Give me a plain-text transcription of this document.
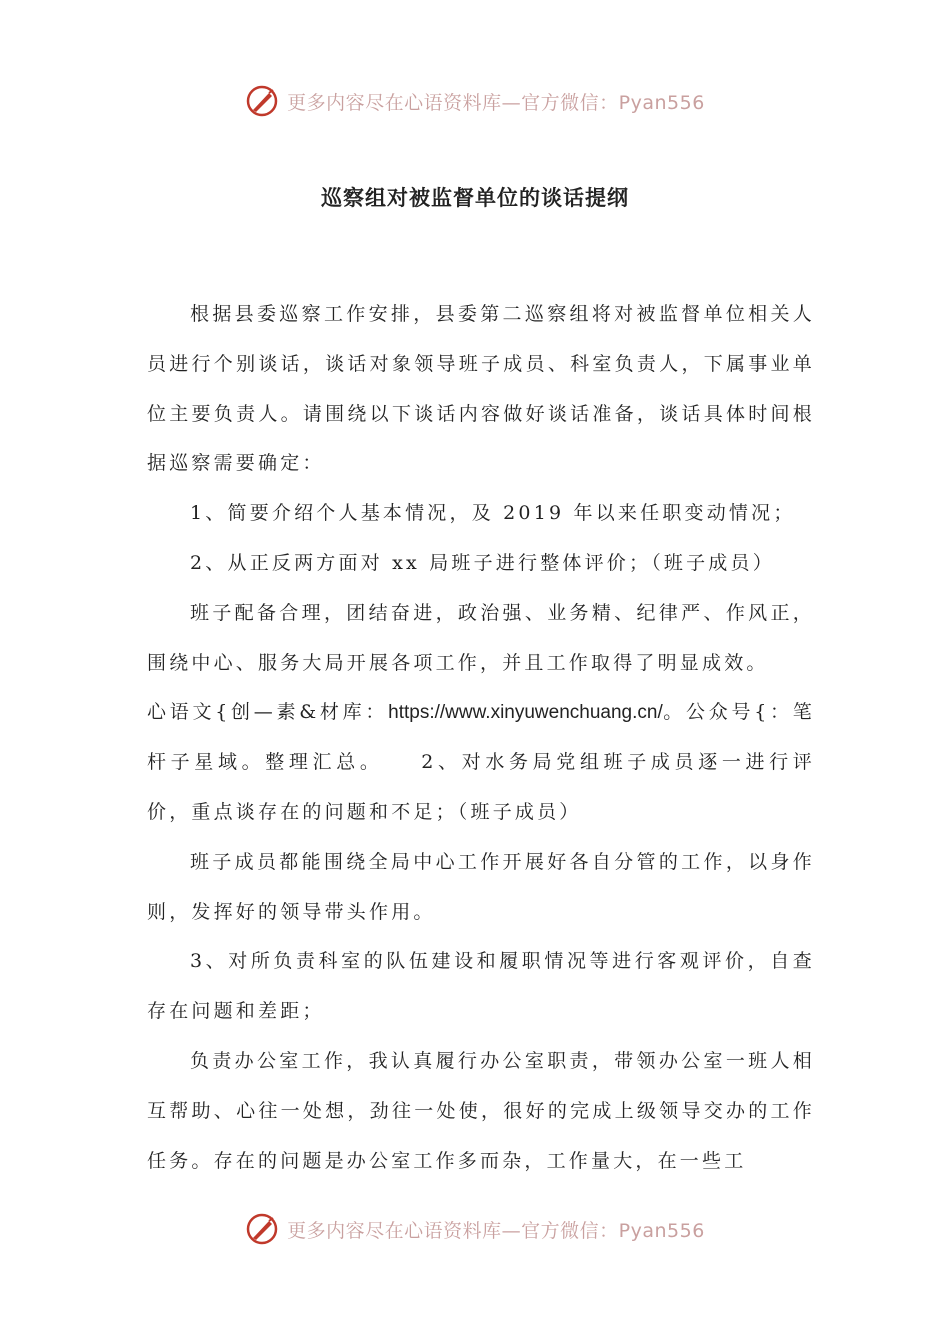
更多内容尽在心语资料库—官方微信：Pyan556
巡察组对被监督单位的谈话提纲

根据县委巡察工作安排，县委第二巡察组将对被监督单位相关人员进行个别谈话，谈话对象领导班子成员、科室负责人，下属事业单位主要负责人。请围绕以下谈话内容做好谈话准备，谈话具体时间根据巡察需要确定：

1、简要介绍个人基本情况，及 2019 年以来任职变动情况；

2、从正反两方面对 xx 局班子进行整体评价；（班子成员）

班子配备合理，团结奋进，政治强、业务精、纪律严、作风正，围绕中心、服务大局开展各项工作，并且工作取得了明显成效。

心语文{创—素&材库：https://www.xinyuwenchuang.cn/。公众号{：笔杆子星域。整理汇总。　　2、对水务局党组班子成员逐一进行评价，重点谈存在的问题和不足；（班子成员）

班子成员都能围绕全局中心工作开展好各自分管的工作，以身作则，发挥好的领导带头作用。

3、对所负责科室的队伍建设和履职情况等进行客观评价，自查存在问题和差距；

负责办公室工作，我认真履行办公室职责，带领办公室一班人相互帮助、心往一处想，劲往一处使，很好的完成上级领导交办的工作任务。存在的问题是办公室工作多而杂，工作量大，在一些工

更多内容尽在心语资料库—官方微信：Pyan556
